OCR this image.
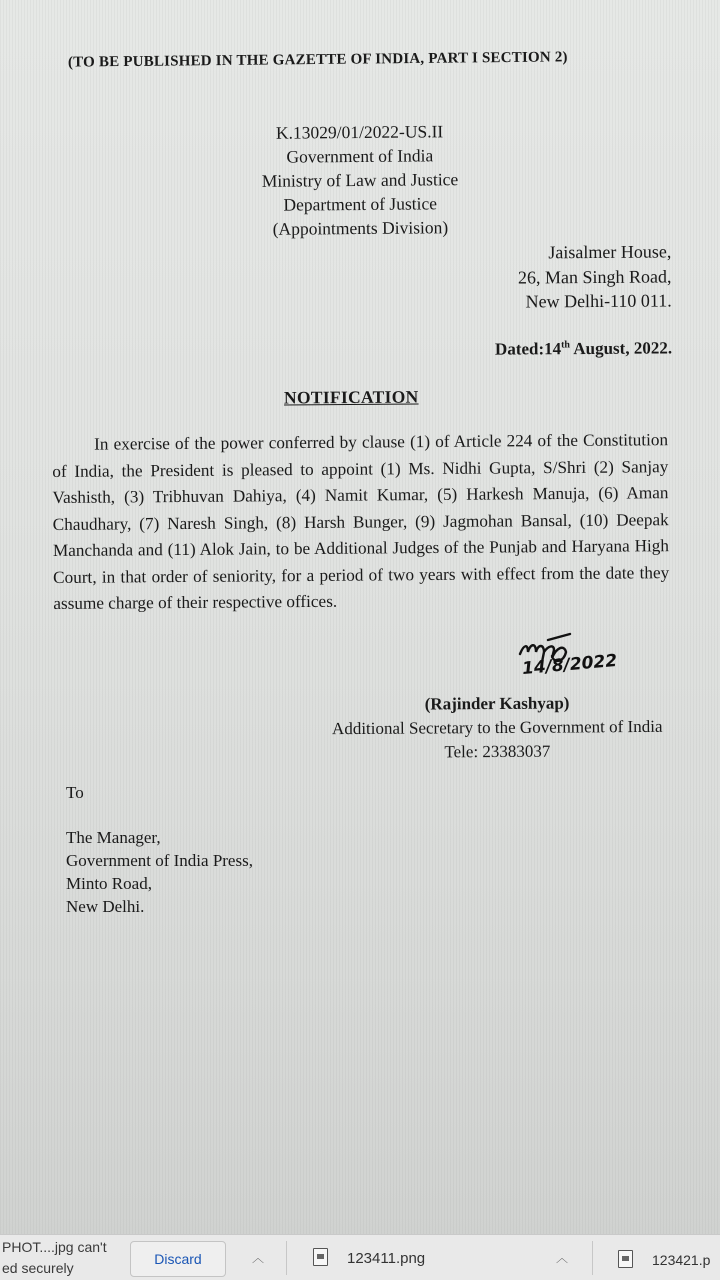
(TO BE PUBLISHED IN THE GAZETTE OF INDIA, PART I SECTION 2)
K.13029/01/2022-US.II
Government of India
Ministry of Law and Justice
Department of Justice
(Appointments Division)
Jaisalmer House,
26, Man Singh Road,
New Delhi-110 011.
Dated:14th August, 2022.
NOTIFICATION
In exercise of the power conferred by clause (1) of Article 224 of the Constitution of India, the President is pleased to appoint (1) Ms. Nidhi Gupta, S/Shri (2) Sanjay Vashisth, (3) Tribhuvan Dahiya, (4) Namit Kumar, (5) Harkesh Manuja, (6) Aman Chaudhary, (7) Naresh Singh, (8) Harsh Bunger, (9) Jagmohan Bansal, (10) Deepak Manchanda and (11) Alok Jain, to be Additional Judges of the Punjab and Haryana High Court, in that order of seniority, for a period of two years with effect from the date they assume charge of their respective offices.
14/8/2022
(Rajinder Kashyap)
Additional Secretary to the Government of India
Tele: 23383037
To
The Manager,
Government of India Press,
Minto Road,
New Delhi.
PHOT....jpg can't
ed securely
Discard	︿	123411.png	︿	123421.p
